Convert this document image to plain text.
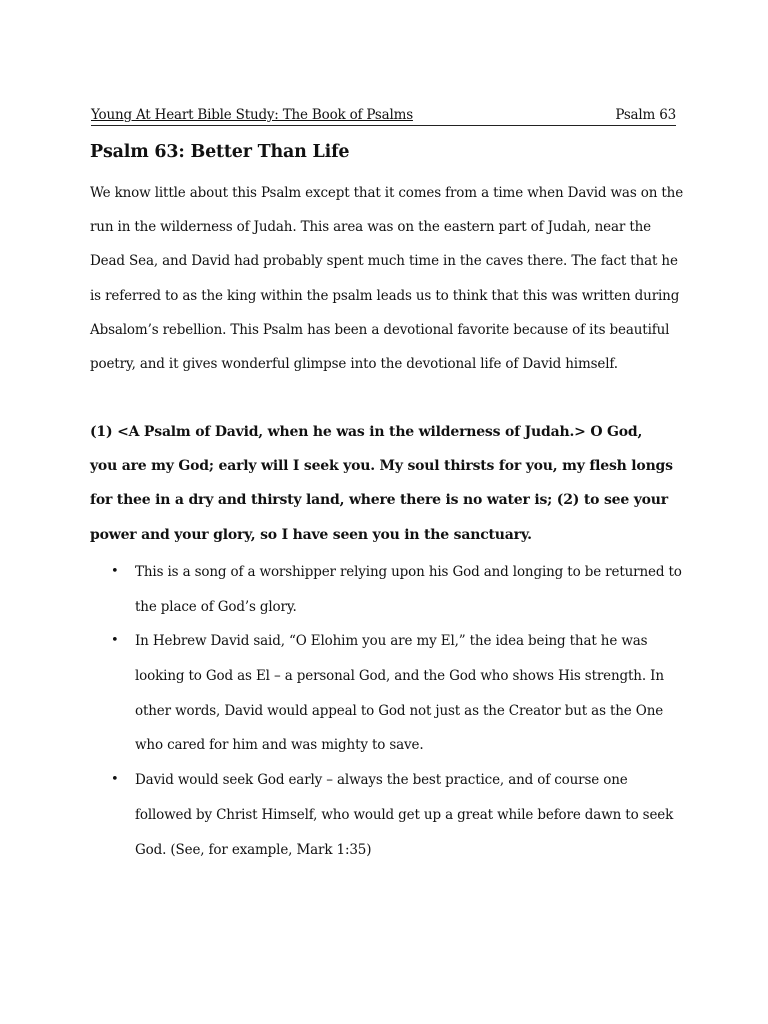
Young At Heart Bible Study: The Book of Psalms	Psalm 63
Psalm 63: Better Than Life
We know little about this Psalm except that it comes from a time when David was on the
run in the wilderness of Judah. This area was on the eastern part of Judah, near the
Dead Sea, and David had probably spent much time in the caves there. The fact that he
is referred to as the king within the psalm leads us to think that this was written during
Absalom’s rebellion. This Psalm has been a devotional favorite because of its beautiful
poetry, and it gives wonderful glimpse into the devotional life of David himself.
(1) <A Psalm of David, when he was in the wilderness of Judah.> O God,
you are my God; early will I seek you. My soul thirsts for you, my flesh longs
for thee in a dry and thirsty land, where there is no water is; (2) to see your
power and your glory, so I have seen you in the sanctuary.
• This is a song of a worshipper relying upon his God and longing to be returned to
the place of God’s glory.
• In Hebrew David said, “O Elohim you are my El,” the idea being that he was
looking to God as El – a personal God, and the God who shows His strength. In
other words, David would appeal to God not just as the Creator but as the One
who cared for him and was mighty to save.
• David would seek God early – always the best practice, and of course one
followed by Christ Himself, who would get up a great while before dawn to seek
God. (See, for example, Mark 1:35)
